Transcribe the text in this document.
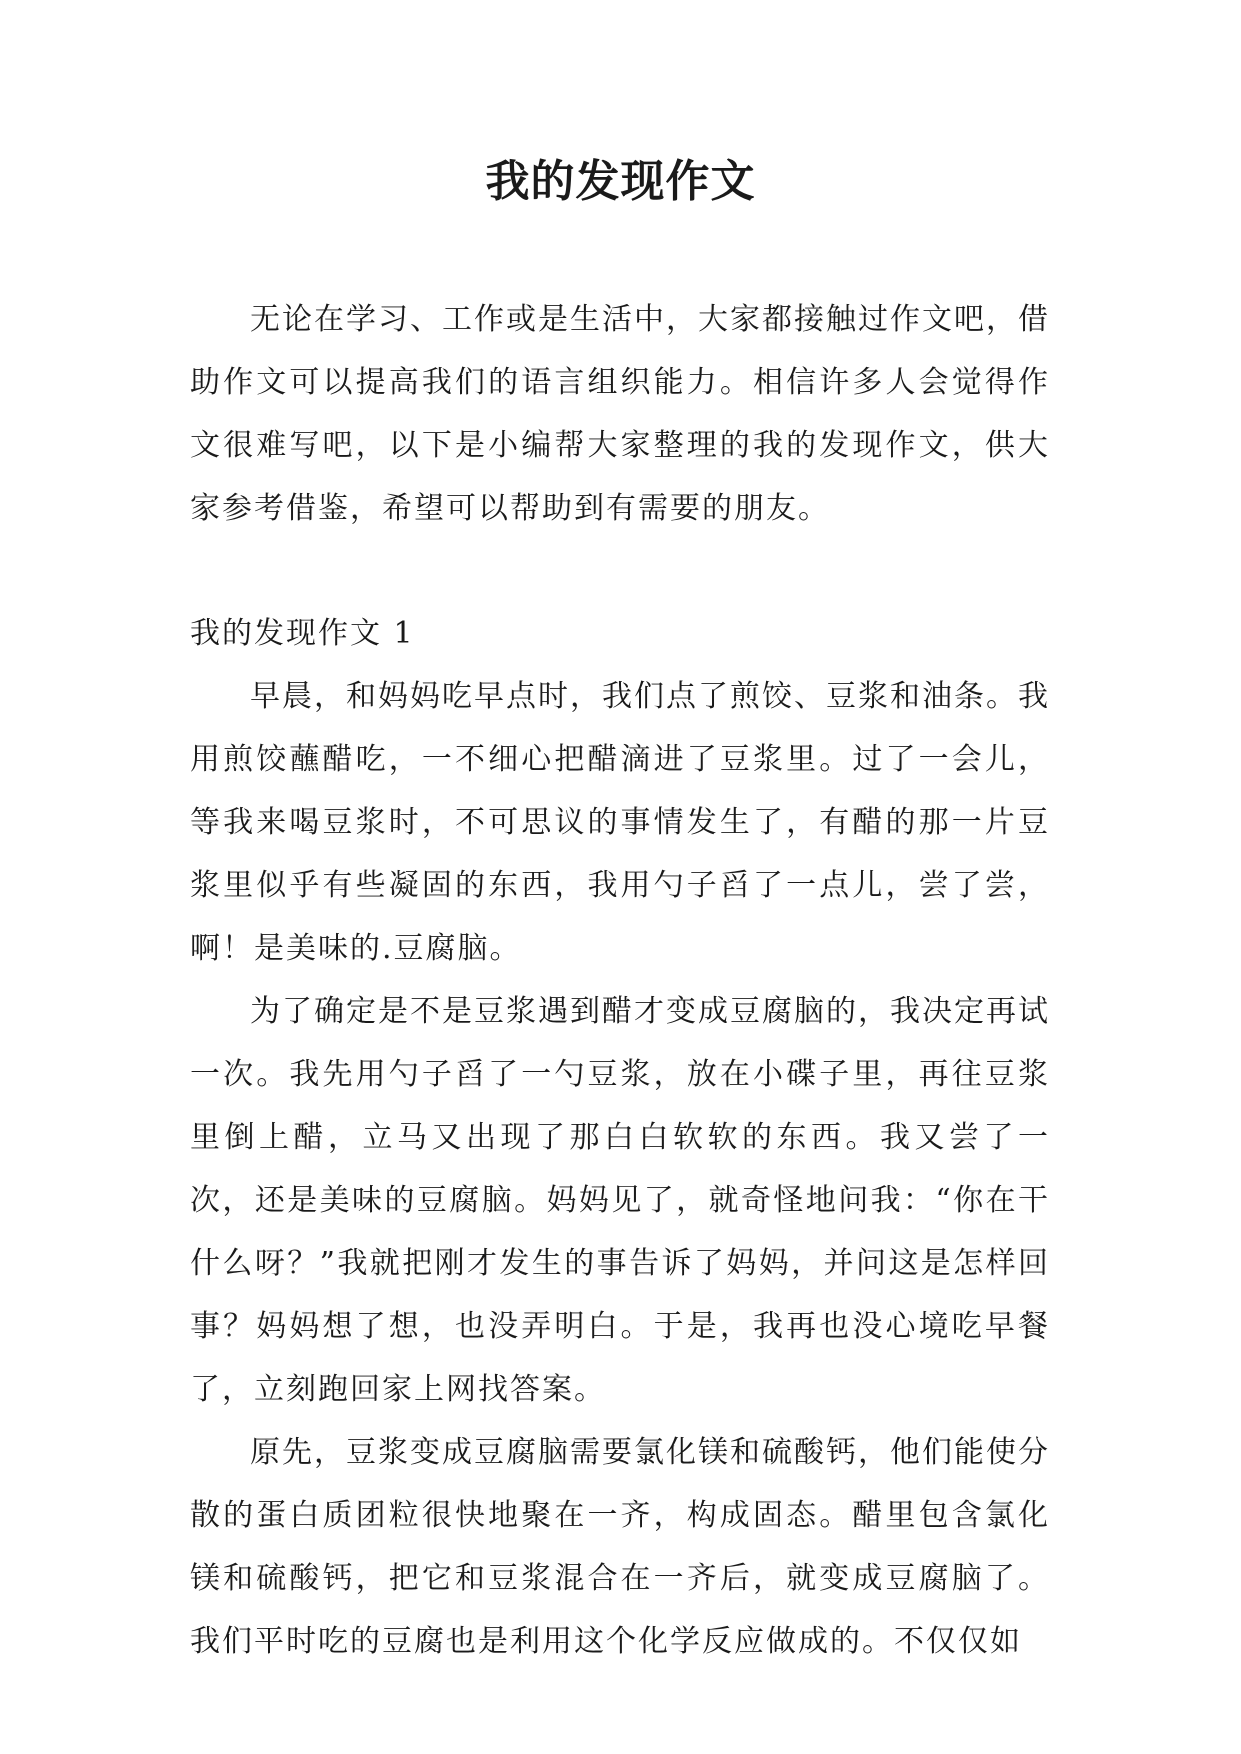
我的发现作文

无论在学习、工作或是生活中，大家都接触过作文吧，借助作文可以提高我们的语言组织能力。相信许多人会觉得作文很难写吧，以下是小编帮大家整理的我的发现作文，供大家参考借鉴，希望可以帮助到有需要的朋友。

我的发现作文 1

早晨，和妈妈吃早点时，我们点了煎饺、豆浆和油条。我用煎饺蘸醋吃，一不细心把醋滴进了豆浆里。过了一会儿，等我来喝豆浆时，不可思议的事情发生了，有醋的那一片豆浆里似乎有些凝固的东西，我用勺子舀了一点儿，尝了尝，啊！是美味的.豆腐脑。

为了确定是不是豆浆遇到醋才变成豆腐脑的，我决定再试一次。我先用勺子舀了一勺豆浆，放在小碟子里，再往豆浆里倒上醋，立马又出现了那白白软软的东西。我又尝了一次，还是美味的豆腐脑。妈妈见了，就奇怪地问我：“你在干什么呀？”我就把刚才发生的事告诉了妈妈，并问这是怎样回事？妈妈想了想，也没弄明白。于是，我再也没心境吃早餐了，立刻跑回家上网找答案。

原先，豆浆变成豆腐脑需要氯化镁和硫酸钙，他们能使分散的蛋白质团粒很快地聚在一齐，构成固态。醋里包含氯化镁和硫酸钙，把它和豆浆混合在一齐后，就变成豆腐脑了。我们平时吃的豆腐也是利用这个化学反应做成的。不仅仅如
